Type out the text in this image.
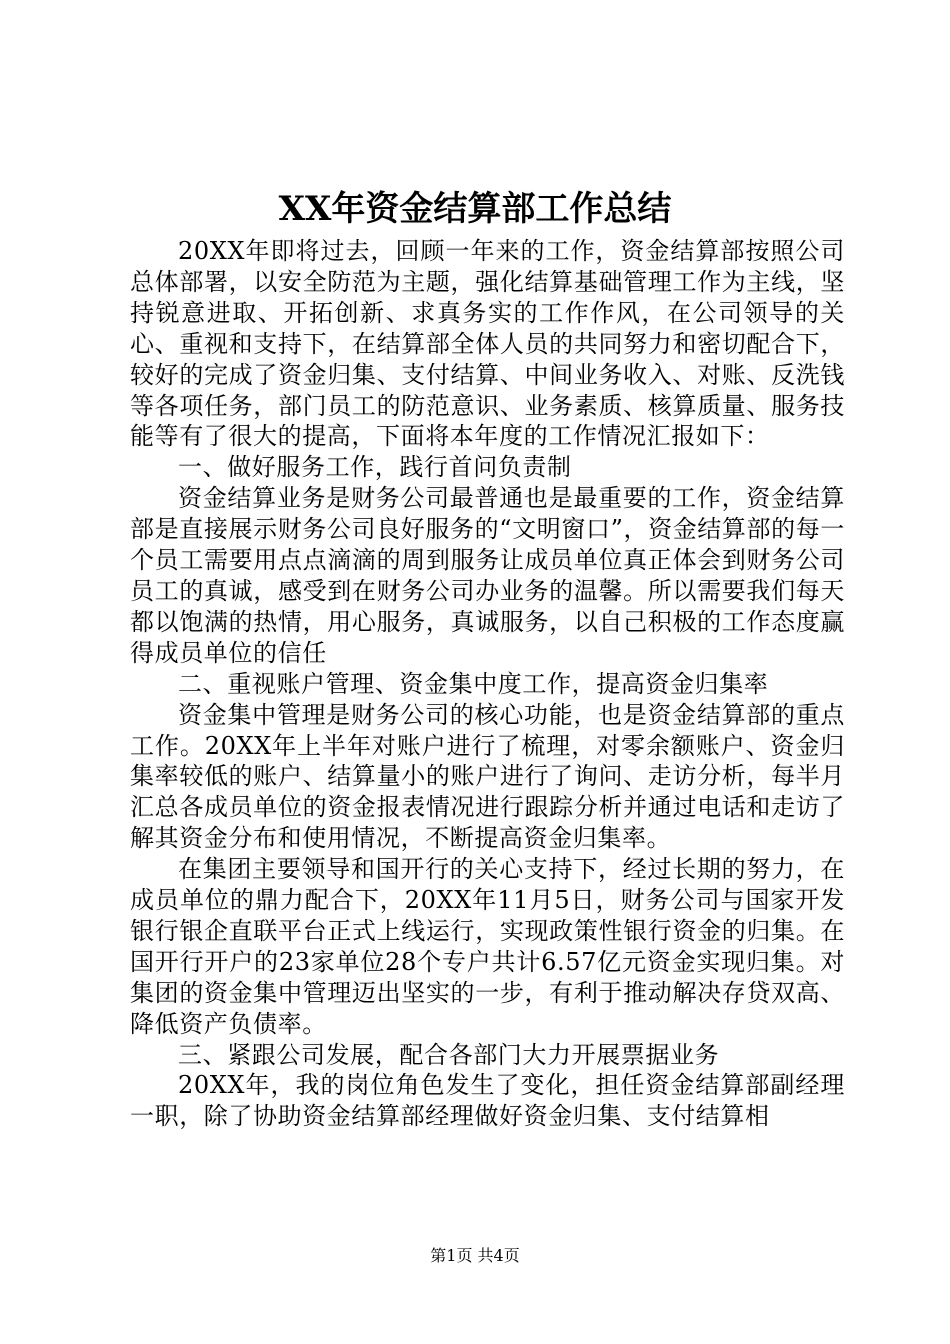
XX年资金结算部工作总结

20XX年即将过去，回顾一年来的工作，资金结算部按照公司总体部署，以安全防范为主题，强化结算基础管理工作为主线，坚持锐意进取、开拓创新、求真务实的工作作风，在公司领导的关心、重视和支持下，在结算部全体人员的共同努力和密切配合下，较好的完成了资金归集、支付结算、中间业务收入、对账、反洗钱等各项任务，部门员工的防范意识、业务素质、核算质量、服务技能等有了很大的提高，下面将本年度的工作情况汇报如下：

一、做好服务工作，践行首问负责制

资金结算业务是财务公司最普通也是最重要的工作，资金结算部是直接展示财务公司良好服务的“文明窗口”，资金结算部的每一个员工需要用点点滴滴的周到服务让成员单位真正体会到财务公司员工的真诚，感受到在财务公司办业务的温馨。所以需要我们每天都以饱满的热情，用心服务，真诚服务，以自己积极的工作态度赢得成员单位的信任

二、重视账户管理、资金集中度工作，提高资金归集率

资金集中管理是财务公司的核心功能，也是资金结算部的重点工作。20XX年上半年对账户进行了梳理，对零余额账户、资金归集率较低的账户、结算量小的账户进行了询问、走访分析，每半月汇总各成员单位的资金报表情况进行跟踪分析并通过电话和走访了解其资金分布和使用情况，不断提高资金归集率。

在集团主要领导和国开行的关心支持下，经过长期的努力，在成员单位的鼎力配合下，20XX年11月5日，财务公司与国家开发银行银企直联平台正式上线运行，实现政策性银行资金的归集。在国开行开户的23家单位28个专户共计6.57亿元资金实现归集。对集团的资金集中管理迈出坚实的一步，有利于推动解决存贷双高、降低资产负债率。

三、紧跟公司发展，配合各部门大力开展票据业务

20XX年，我的岗位角色发生了变化，担任资金结算部副经理一职，除了协助资金结算部经理做好资金归集、支付结算相

第1页 共4页
